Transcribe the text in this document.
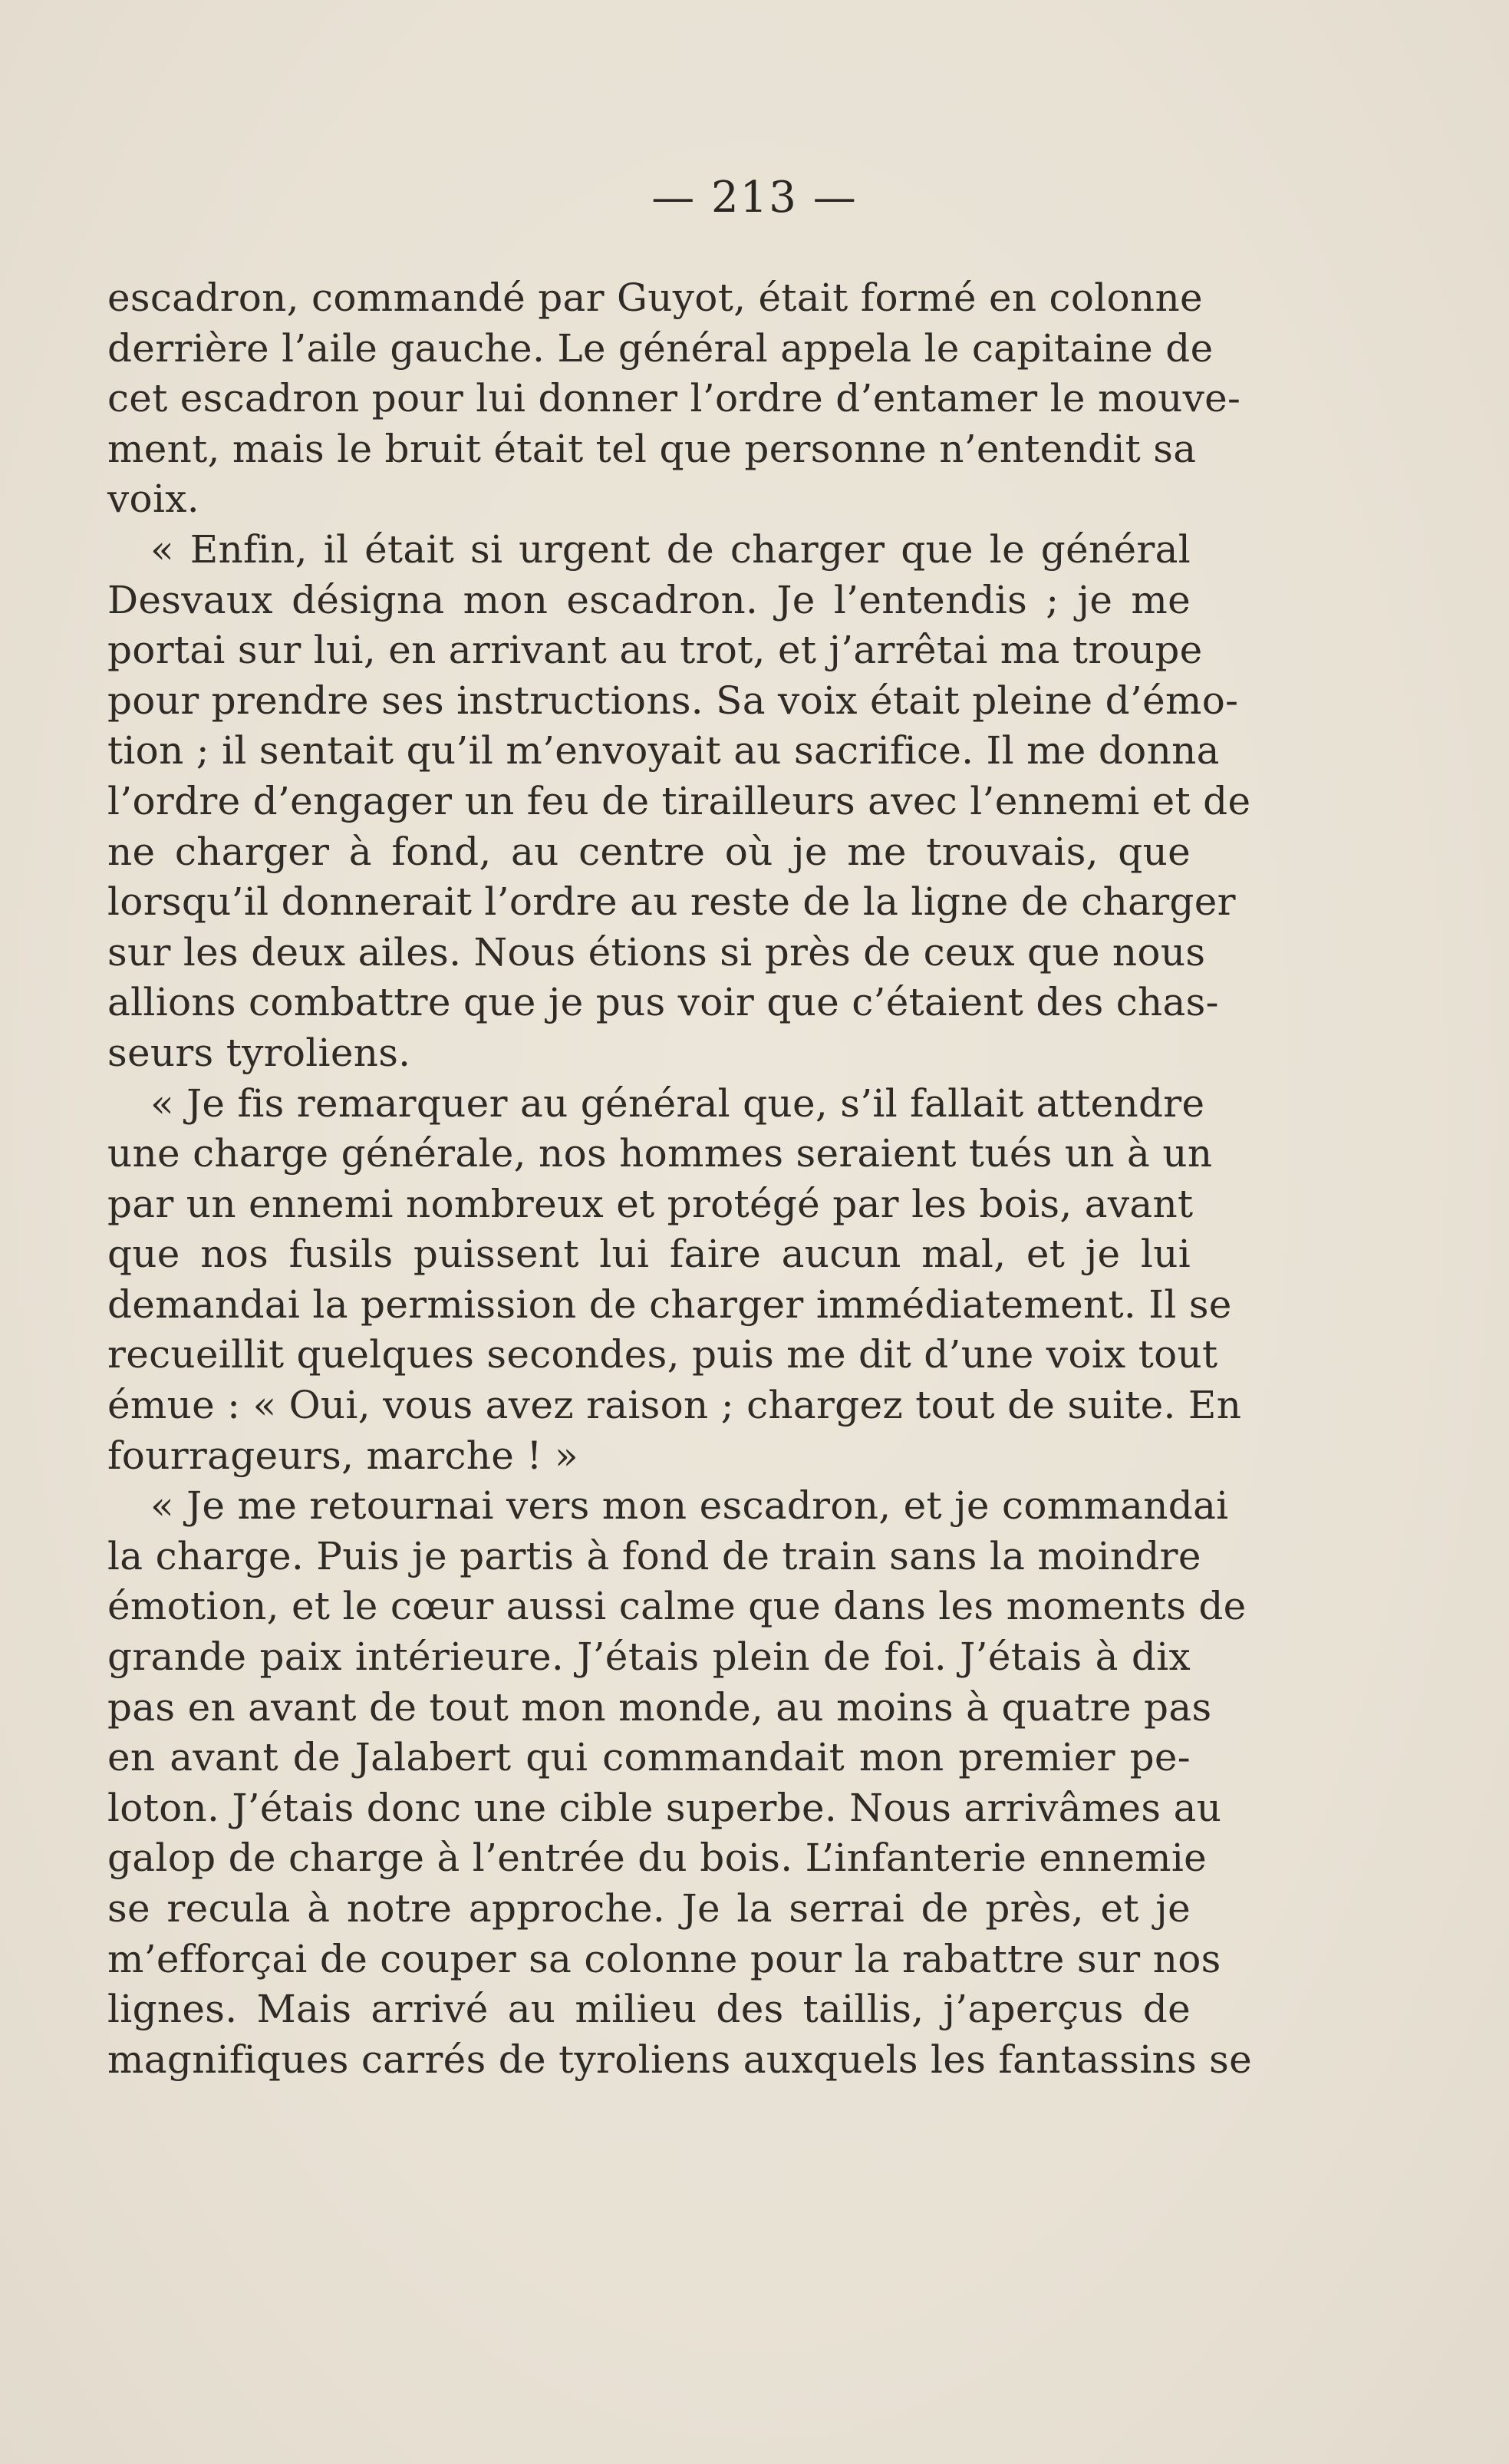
— 213 —
escadron, commandé par Guyot, était formé en colonne
derrière l’aile gauche. Le général appela le capitaine de
cet escadron pour lui donner l’ordre d’entamer le mouve-
ment, mais le bruit était tel que personne n’entendit sa
voix.
« Enfin, il était si urgent de charger que le général
Desvaux désigna mon escadron. Je l’entendis ; je me
portai sur lui, en arrivant au trot, et j’arrêtai ma troupe
pour prendre ses instructions. Sa voix était pleine d’émo-
tion ; il sentait qu’il m’envoyait au sacrifice. Il me donna
l’ordre d’engager un feu de tirailleurs avec l’ennemi et de
ne charger à fond, au centre où je me trouvais, que
lorsqu’il donnerait l’ordre au reste de la ligne de charger
sur les deux ailes. Nous étions si près de ceux que nous
allions combattre que je pus voir que c’étaient des chas-
seurs tyroliens.
« Je fis remarquer au général que, s’il fallait attendre
une charge générale, nos hommes seraient tués un à un
par un ennemi nombreux et protégé par les bois, avant
que nos fusils puissent lui faire aucun mal, et je lui
demandai la permission de charger immédiatement. Il se
recueillit quelques secondes, puis me dit d’une voix tout
émue : « Oui, vous avez raison ; chargez tout de suite. En
fourrageurs, marche ! »
« Je me retournai vers mon escadron, et je commandai
la charge. Puis je partis à fond de train sans la moindre
émotion, et le cœur aussi calme que dans les moments de
grande paix intérieure. J’étais plein de foi. J’étais à dix
pas en avant de tout mon monde, au moins à quatre pas
en avant de Jalabert qui commandait mon premier pe-
loton. J’étais donc une cible superbe. Nous arrivâmes au
galop de charge à l’entrée du bois. L’infanterie ennemie
se recula à notre approche. Je la serrai de près, et je
m’efforçai de couper sa colonne pour la rabattre sur nos
lignes. Mais arrivé au milieu des taillis, j’aperçus de
magnifiques carrés de tyroliens auxquels les fantassins se
